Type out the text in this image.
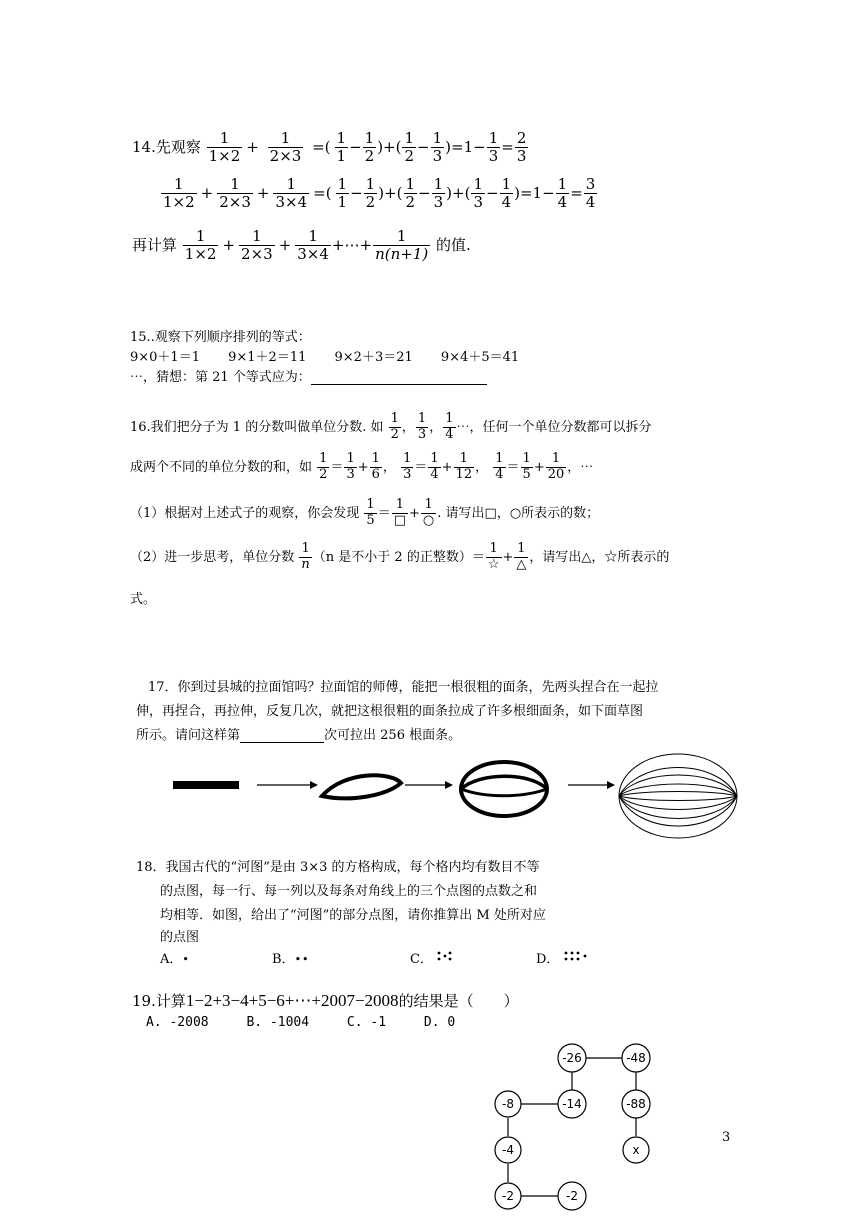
14.先观察 $\frac{1}{1\times 2} + \frac{1}{2\times 3}$ =( $\frac{1}{1} - \frac{1}{2}$ )+( $\frac{1}{2} - \frac{1}{3} )=1- \frac{1}{3} = \frac{2}{3}$
$\frac{1}{1\times 2} + \frac{1}{2\times 3} + \frac{1}{3\times 4}$ =( $\frac{1}{1} - \frac{1}{2}$ )+( $\frac{1}{2} - \frac{1}{3}$ )+( $\frac{1}{3} - \frac{1}{4} )=1- \frac{1}{4} = \frac{3}{4}$
再计算 $\frac{1}{1\times 2} + \frac{1}{2\times 3} + \frac{1}{3\times 4}$ +⋯+ $\frac{1}{n(n+1)}$ 的值.
15..观察下列顺序排列的等式：
9×0＋1＝1 9×1＋2＝11 9×2＋3＝21 9×4＋5＝41
⋯，猜想：第 21 个等式应为：
16.我们把分子为 1 的分数叫做单位分数. 如 $\frac{1}{2}$ ， $\frac{1}{3}$ ， $\frac{1}{4}$ ⋯，任何一个单位分数都可以拆分
成两个不同的单位分数的和，如 $\frac{1}{2} = \frac{1}{3} + \frac{1}{6}$ ， $\frac{1}{3} = \frac{1}{4} + \frac{1}{12}$ ， $\frac{1}{4} = \frac{1}{5} + \frac{1}{20}$ ，⋯
（1）根据对上述式子的观察，你会发现 $\frac{1}{5} = \frac{1}{□} + \frac{1}{○}$ . 请写出□，○所表示的数；
（2）进一步思考，单位分数 $\frac{1}{n} (n$ 是不小于 2 的正整数）＝ $\frac{1}{☆} + \frac{1}{\triangle}$ ，请写出△，☆所表示的
式。
17．你到过县城的拉面馆吗？拉面馆的师傅，能把一根很粗的面条，先两头捏合在一起拉
伸，再捏合，再拉伸，反复几次，就把这根很粗的面条拉成了许多根细面条，如下面草图
所示。请问这样第	次可拉出 256 根面条。
18．我国古代的“河图”是由 3×3 的方格构成，每个格内均有数目不等
的点图，每一行、每一列以及每条对角线上的三个点图的点数之和
均相等．如图，给出了“河图”的部分点图，请你推算出 M 处所对应
的点图
A．•	B．••	C．	D．
19.计算1−2+3−4+5−6+⋯+2007−2008的结果是（　　）
A. -2008	B. -1004	C. -1	D. 0
-26	-48
-8	-14	-88
-4	x
-2	-2
3
